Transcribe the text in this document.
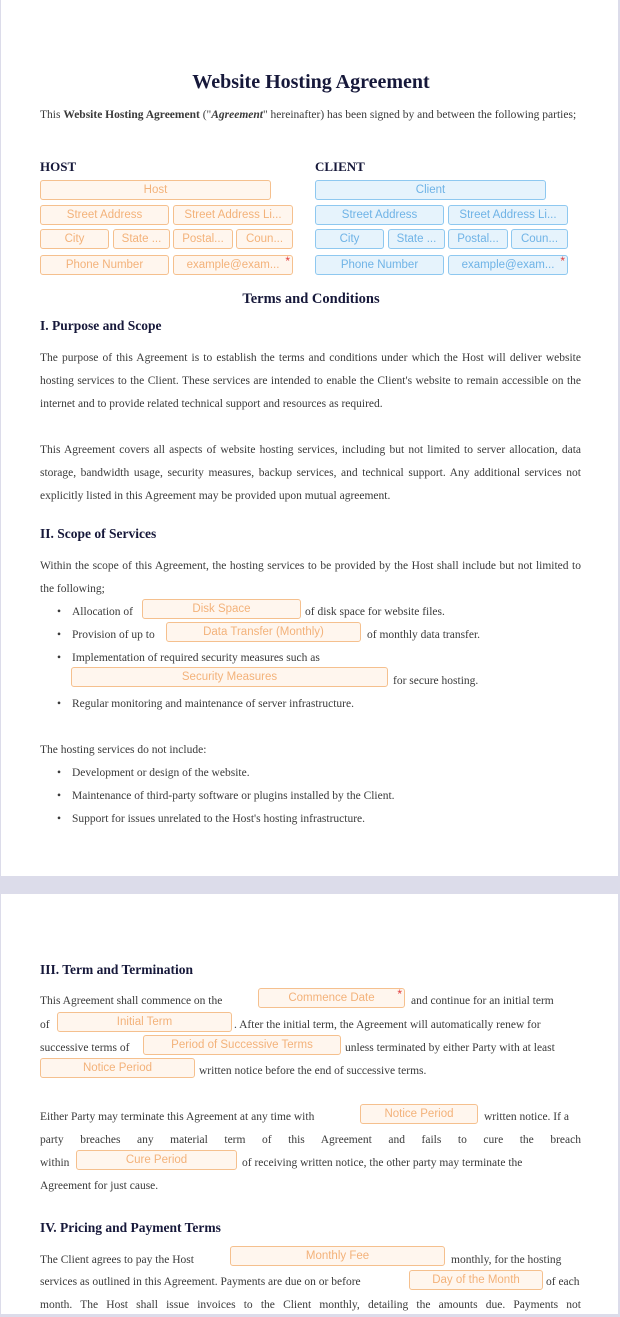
Website Hosting Agreement
This Website Hosting Agreement ("Agreement" hereinafter) has been signed by and between the following parties;
HOST
Host
Street Address	Street Address Li...
City	State ...	Postal...	Coun...
Phone Number	example@exam... *
CLIENT
Client
Street Address	Street Address Li...
City	State ...	Postal...	Coun...
Phone Number	example@exam... *
Terms and Conditions
I. Purpose and Scope
The purpose of this Agreement is to establish the terms and conditions under which the Host will deliver website hosting services to the Client. These services are intended to enable the Client's website to remain accessible on the internet and to provide related technical support and resources as required.
This Agreement covers all aspects of website hosting services, including but not limited to server allocation, data storage, bandwidth usage, security measures, backup services, and technical support. Any additional services not explicitly listed in this Agreement may be provided upon mutual agreement.
II. Scope of Services
Within the scope of this Agreement, the hosting services to be provided by the Host shall include but not limited to the following;
• Allocation of	Disk Space	of disk space for website files.
• Provision of up to	Data Transfer (Monthly)	of monthly data transfer.
• Implementation of required security measures such as
Security Measures	for secure hosting.
• Regular monitoring and maintenance of server infrastructure.
The hosting services do not include:
• Development or design of the website.
• Maintenance of third-party software or plugins installed by the Client.
• Support for issues unrelated to the Host's hosting infrastructure.
III. Term and Termination
This Agreement shall commence on the	Commence Date *	and continue for an initial term
of	Initial Term	. After the initial term, the Agreement will automatically renew for
successive terms of	Period of Successive Terms	unless terminated by either Party with at least
Notice Period	written notice before the end of successive terms.
Either Party may terminate this Agreement at any time with	Notice Period	written notice. If a
party breaches any material term of this Agreement and fails to cure the breach
within	Cure Period	of receiving written notice, the other party may terminate the
Agreement for just cause.
IV. Pricing and Payment Terms
The Client agrees to pay the Host	Monthly Fee	monthly, for the hosting
services as outlined in this Agreement. Payments are due on or before	Day of the Month	of each
month. The Host shall issue invoices to the Client monthly, detailing the amounts due. Payments not
